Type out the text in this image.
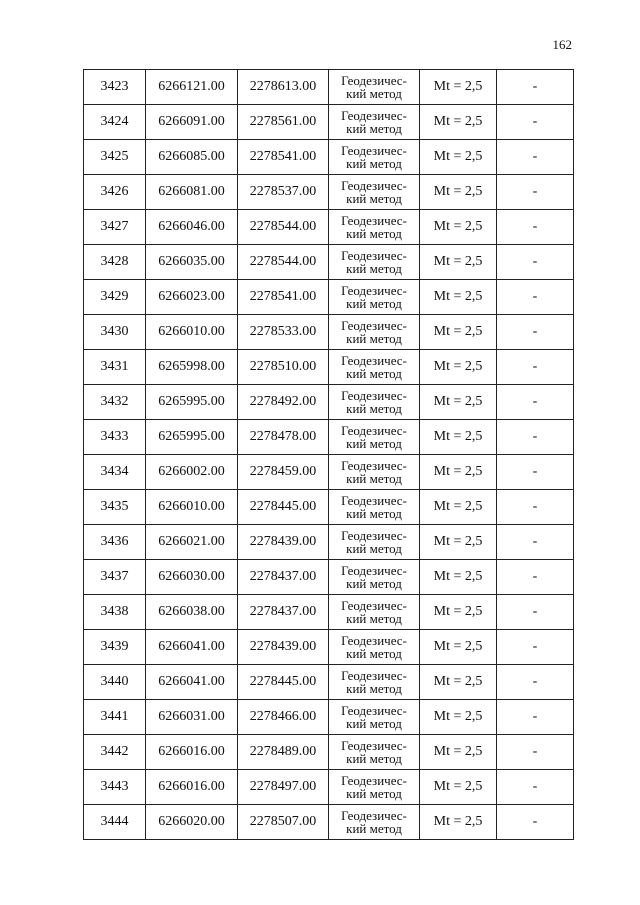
162
3423	6266121.00	2278613.00	Геодезичес-
кий метод	Mt = 2,5	-
3424	6266091.00	2278561.00	Геодезичес-
кий метод	Mt = 2,5	-
3425	6266085.00	2278541.00	Геодезичес-
кий метод	Mt = 2,5	-
3426	6266081.00	2278537.00	Геодезичес-
кий метод	Mt = 2,5	-
3427	6266046.00	2278544.00	Геодезичес-
кий метод	Mt = 2,5	-
3428	6266035.00	2278544.00	Геодезичес-
кий метод	Mt = 2,5	-
3429	6266023.00	2278541.00	Геодезичес-
кий метод	Mt = 2,5	-
3430	6266010.00	2278533.00	Геодезичес-
кий метод	Mt = 2,5	-
3431	6265998.00	2278510.00	Геодезичес-
кий метод	Mt = 2,5	-
3432	6265995.00	2278492.00	Геодезичес-
кий метод	Mt = 2,5	-
3433	6265995.00	2278478.00	Геодезичес-
кий метод	Mt = 2,5	-
3434	6266002.00	2278459.00	Геодезичес-
кий метод	Mt = 2,5	-
3435	6266010.00	2278445.00	Геодезичес-
кий метод	Mt = 2,5	-
3436	6266021.00	2278439.00	Геодезичес-
кий метод	Mt = 2,5	-
3437	6266030.00	2278437.00	Геодезичес-
кий метод	Mt = 2,5	-
3438	6266038.00	2278437.00	Геодезичес-
кий метод	Mt = 2,5	-
3439	6266041.00	2278439.00	Геодезичес-
кий метод	Mt = 2,5	-
3440	6266041.00	2278445.00	Геодезичес-
кий метод	Mt = 2,5	-
3441	6266031.00	2278466.00	Геодезичес-
кий метод	Mt = 2,5	-
3442	6266016.00	2278489.00	Геодезичес-
кий метод	Mt = 2,5	-
3443	6266016.00	2278497.00	Геодезичес-
кий метод	Mt = 2,5	-
3444	6266020.00	2278507.00	Геодезичес-
кий метод	Mt = 2,5	-
